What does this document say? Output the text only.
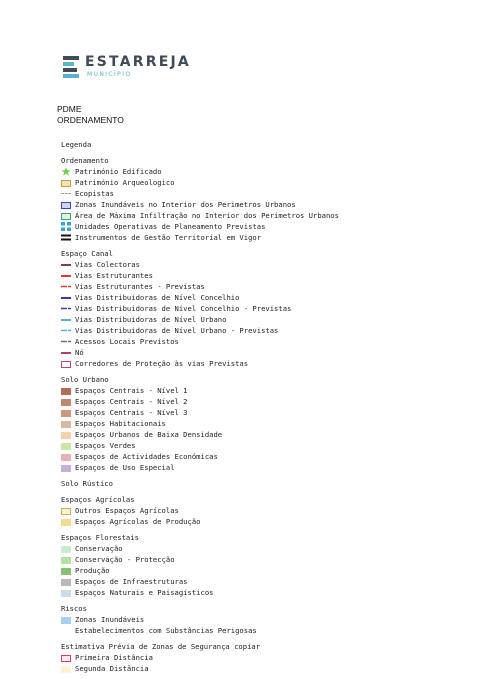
ESTARREJA
MUNICÍPIO
PDME
ORDENAMENTO
Legenda
Ordenamento
Património Edificado
Património Arqueologico
Ecopistas
Zonas Inundáveis no Interior dos Perimetros Urbanos
Área de Máxima Infiltração no Interior dos Perimetros Urbanos
Unidades Operativas de Planeamento Previstas
Instrumentos de Gestão Territorial em Vigor
Espaço Canal
Vias Colectoras
Vias Estruturantes
Vias Estruturantes - Previstas
Vias Distribuidoras de Nível Concelhio
Vias Distribuidoras de Nível Concelhio - Previstas
Vias Distribuidoras de Nível Urbano
Vias Distribuidoras de Nível Urbano - Previstas
Acessos Locais Previstos
Nó
Corredores de Proteção às vias Previstas
Solo Urbano
Espaços Centrais - Nível 1
Espaços Centrais - Nível 2
Espaços Centrais - Nível 3
Espaços Habitacionais
Espaços Urbanos de Baixa Densidade
Espaços Verdes
Espaços de Actividades Económicas
Espaços de Uso Especial
Solo Rústico
Espaços Agrícolas
Outros Espaços Agrícolas
Espaços Agrícolas de Produção
Espaços Florestais
Conservação
Conservação - Protecção
Produção
Espaços de Infraestruturas
Espaços Naturais e Paisagisticos
Riscos
Zonas Inundáveis
Estabelecimentos com Substâncias Perigosas
Estimativa Prévia de Zonas de Segurança copiar
Primeira Distância
Segunda Distância
